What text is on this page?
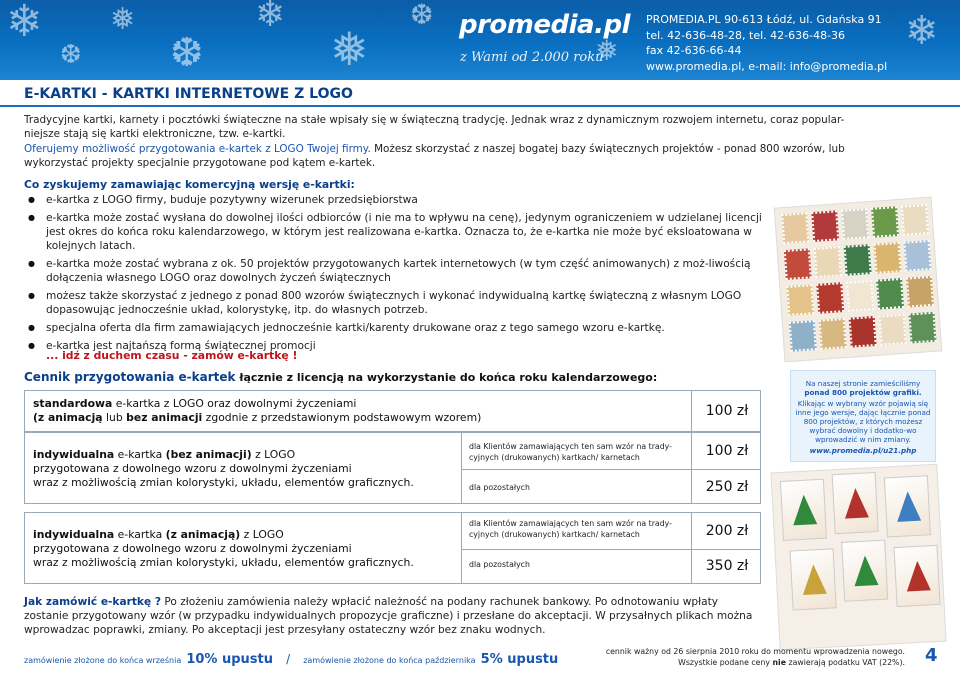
❄ ❅
❆
❄
❅
❆
❆
❄
❅
promedia.pl
z Wami od 2.000 roku
PROMEDIA.PL 90-613 Łódź, ul. Gdańska 91
tel. 42-636-48-28, tel. 42-636-48-36
fax 42-636-66-44
www.promedia.pl, e-mail: info@promedia.pl
E-KARTKI - KARTKI INTERNETOWE Z LOGO
Tradycyjne kartki, karnety i pocztówki świąteczne na stałe wpisały się w świąteczną tradycję. Jednak wraz z dynamicznym rozwojem internetu, coraz popular-
niejsze stają się kartki elektroniczne, tzw. e-kartki.
Oferujemy możliwość przygotowania e-kartek z LOGO Twojej firmy. Możesz skorzystać z naszej bogatej bazy świątecznych projektów - ponad 800 wzorów, lub
wykorzystać projekty specjalnie przygotowane pod kątem e-kartek.
Co zyskujemy zamawiając komercyjną wersję e-kartki:
● e-kartka z LOGO firmy, buduje pozytywny wizerunek przedsiębiorstwa
● e-kartka może zostać wysłana do dowolnej ilości odbiorców (i nie ma to wpływu na cenę), jedynym ograniczeniem w udzielanej licencji jest okres do końca roku kalendarzowego, w którym jest realizowana e-kartka. Oznacza to, że e-kartka nie może być eksloatowana w kolejnych latach.
● e-kartka może zostać wybrana z ok. 50 projektów przygotowanych kartek internetowych (w tym część animowanych) z moż-liwością dołączenia własnego LOGO oraz dowolnych życzeń świątecznych
● możesz także skorzystać z jednego z ponad 800 wzorów świątecznych i wykonać indywidualną kartkę świąteczną z własnym LOGO dopasowując jednocześnie układ, kolorystykę, itp. do własnych potrzeb.
● specjalna oferta dla firm zamawiających jednocześnie kartki/karenty drukowane oraz z tego samego wzoru e-kartkę.
● e-kartka jest najtańszą formą świątecznej promocji
... idź z duchem czasu - zamów e-kartkę !
Na naszej stronie zamieściliśmy
ponad 800 projektów grafiki.
Klikając w wybrany wzór pojawią się inne jego wersje, dając łącznie ponad 800 projektów, z których możesz wybrać dowolny i dodatko-wo wprowadzić w nim zmiany.
www.promedia.pl/u21.php
Cennik przygotowania e-kartek łącznie z licencją na wykorzystanie do końca roku kalendarzowego:
standardowa e-kartka z LOGO oraz dowolnymi życzeniami
(z animacją lub bez animacji zgodnie z przedstawionym podstawowym wzorem)	100 zł
indywidualna e-kartka (bez animacji) z LOGO
przygotowana z dowolnego wzoru z dowolnymi życzeniami
wraz z możliwością zmian kolorystyki, układu, elementów graficznych.
dla Klientów zamawiających ten sam wzór na trady-cyjnych (drukowanych) kartkach/ karnetach	100 zł
dla pozostałych	250 zł
indywidualna e-kartka (z animacją) z LOGO
przygotowana z dowolnego wzoru z dowolnymi życzeniami
wraz z możliwością zmian kolorystyki, układu, elementów graficznych.
dla Klientów zamawiających ten sam wzór na trady-cyjnych (drukowanych) kartkach/ karnetach	200 zł
dla pozostałych	350 zł
Jak zamówić e-kartkę ? Po złożeniu zamówienia należy wpłacić należność na podany rachunek bankowy. Po odnotowaniu wpłaty zostanie przygotowany wzór (w przypadku indywidualnych propozycje graficzne) i przesłane do akceptacji. W przysałnych plikach można wprowadzac poprawki, zmiany. Po akceptacji jest przesyłany ostateczny wzór bez znaku wodnych.
zamówienie złożone do końca września 10% upustu / zamówienie złożone do końca października 5% upustu
cennik ważny od 26 sierpnia 2010 roku do momentu wprowadzenia nowego.
Wszystkie podane ceny nie zawierają podatku VAT (22%). 4
